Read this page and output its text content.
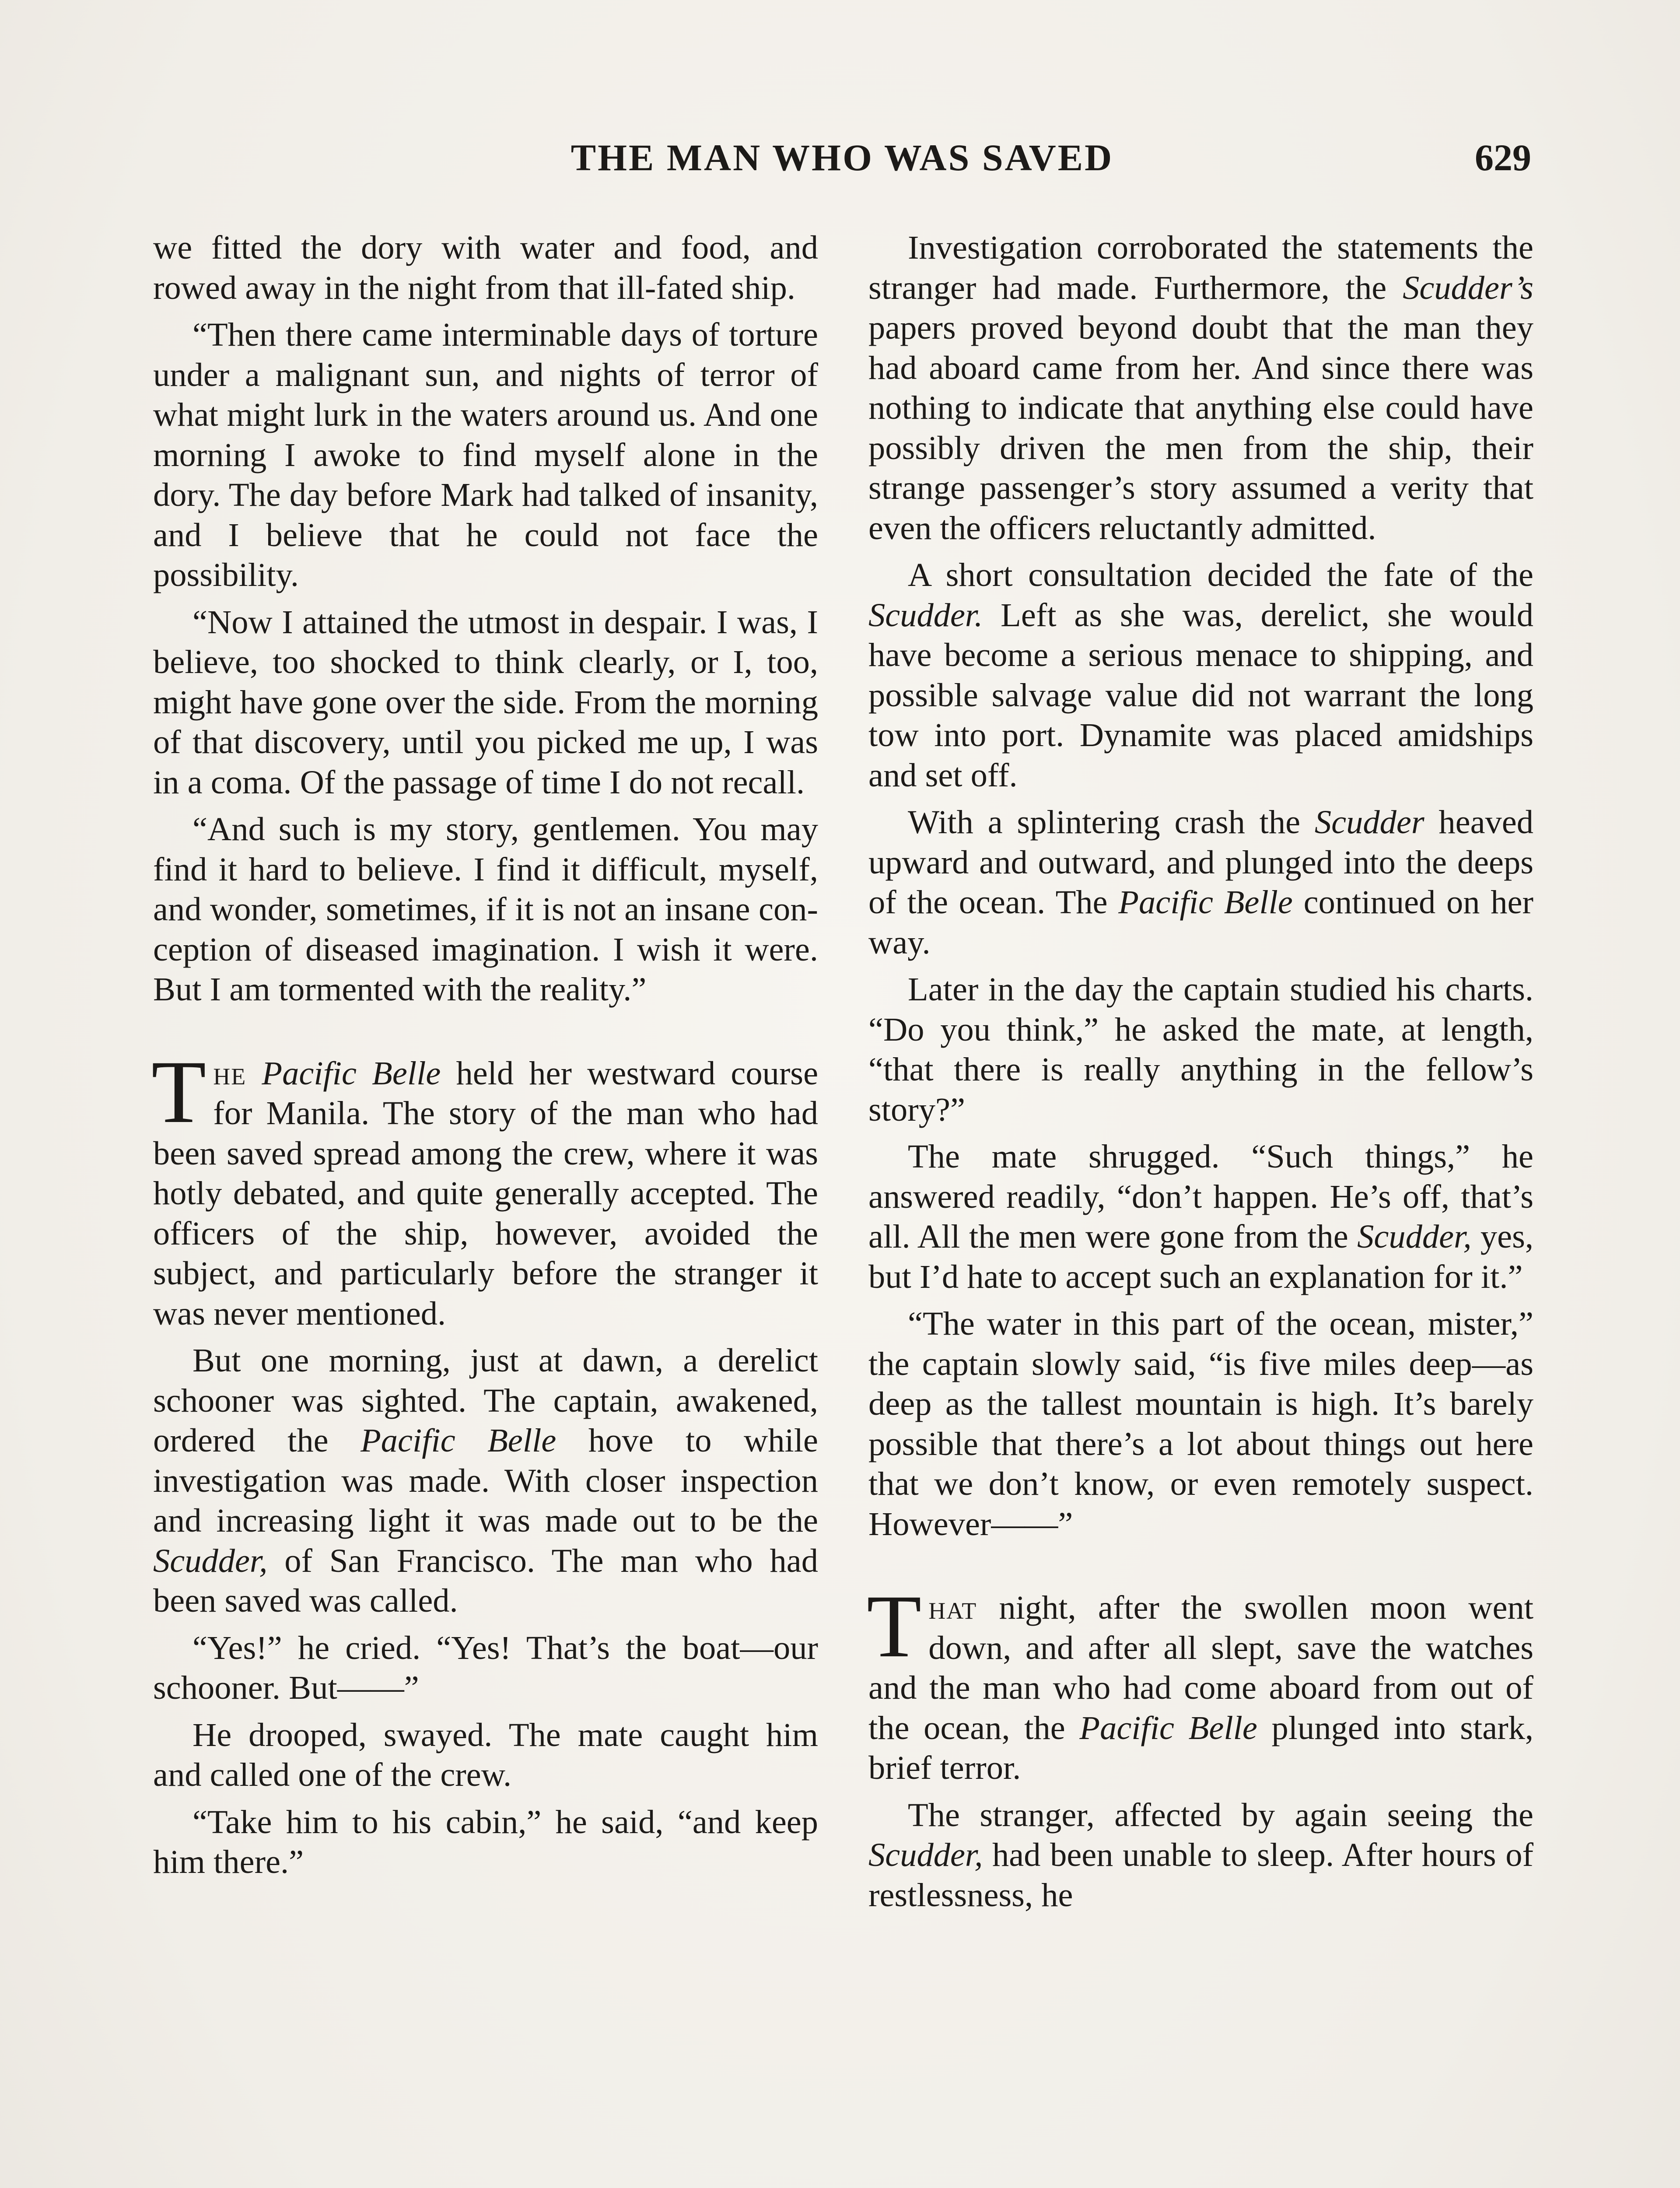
THE MAN WHO WAS SAVED	629

we fitted the dory with water and food, and rowed away in the night from that ill-fated ship.

“Then there came interminable days of torture under a malignant sun, and nights of terror of what might lurk in the waters around us. And one morning I awoke to find myself alone in the dory. The day before Mark had talked of insanity, and I believe that he could not face the possibility.

“Now I attained the utmost in despair. I was, I believe, too shocked to think clearly, or I, too, might have gone over the side. From the morning of that discovery, until you picked me up, I was in a coma. Of the passage of time I do not recall.

“And such is my story, gentlemen. You may find it hard to believe. I find it difficult, myself, and wonder, sometimes, if it is not an insane conception of diseased imagination. I wish it were. But I am tormented with the reality.”

The Pacific Belle held her westward course for Manila. The story of the man who had been saved spread among the crew, where it was hotly debated, and quite generally accepted. The officers of the ship, however, avoided the subject, and particularly before the stranger it was never mentioned.

But one morning, just at dawn, a derelict schooner was sighted. The captain, awakened, ordered the Pacific Belle hove to while investigation was made. With closer inspection and increasing light it was made out to be the Scudder, of San Francisco. The man who had been saved was called.

“Yes!” he cried. “Yes! That’s the boat—our schooner. But——”

He drooped, swayed. The mate caught him and called one of the crew.

“Take him to his cabin,” he said, “and keep him there.”

Investigation corroborated the statements the stranger had made. Furthermore, the Scudder’s papers proved beyond doubt that the man they had aboard came from her. And since there was nothing to indicate that anything else could have possibly driven the men from the ship, their strange passenger’s story assumed a verity that even the officers reluctantly admitted.

A short consultation decided the fate of the Scudder. Left as she was, derelict, she would have become a serious menace to shipping, and possible salvage value did not warrant the long tow into port. Dynamite was placed amidships and set off.

With a splintering crash the Scudder heaved upward and outward, and plunged into the deeps of the ocean. The Pacific Belle continued on her way.

Later in the day the captain studied his charts. “Do you think,” he asked the mate, at length, “that there is really anything in the fellow’s story?”

The mate shrugged. “Such things,” he answered readily, “don’t happen. He’s off, that’s all. All the men were gone from the Scudder, yes, but I’d hate to accept such an explanation for it.”

“The water in this part of the ocean, mister,” the captain slowly said, “is five miles deep—as deep as the tallest mountain is high. It’s barely possible that there’s a lot about things out here that we don’t know, or even remotely suspect. However——”

That night, after the swollen moon went down, and after all slept, save the watches and the man who had come aboard from out of the ocean, the Pacific Belle plunged into stark, brief terror.

The stranger, affected by again seeing the Scudder, had been unable to sleep. After hours of restlessness, he
